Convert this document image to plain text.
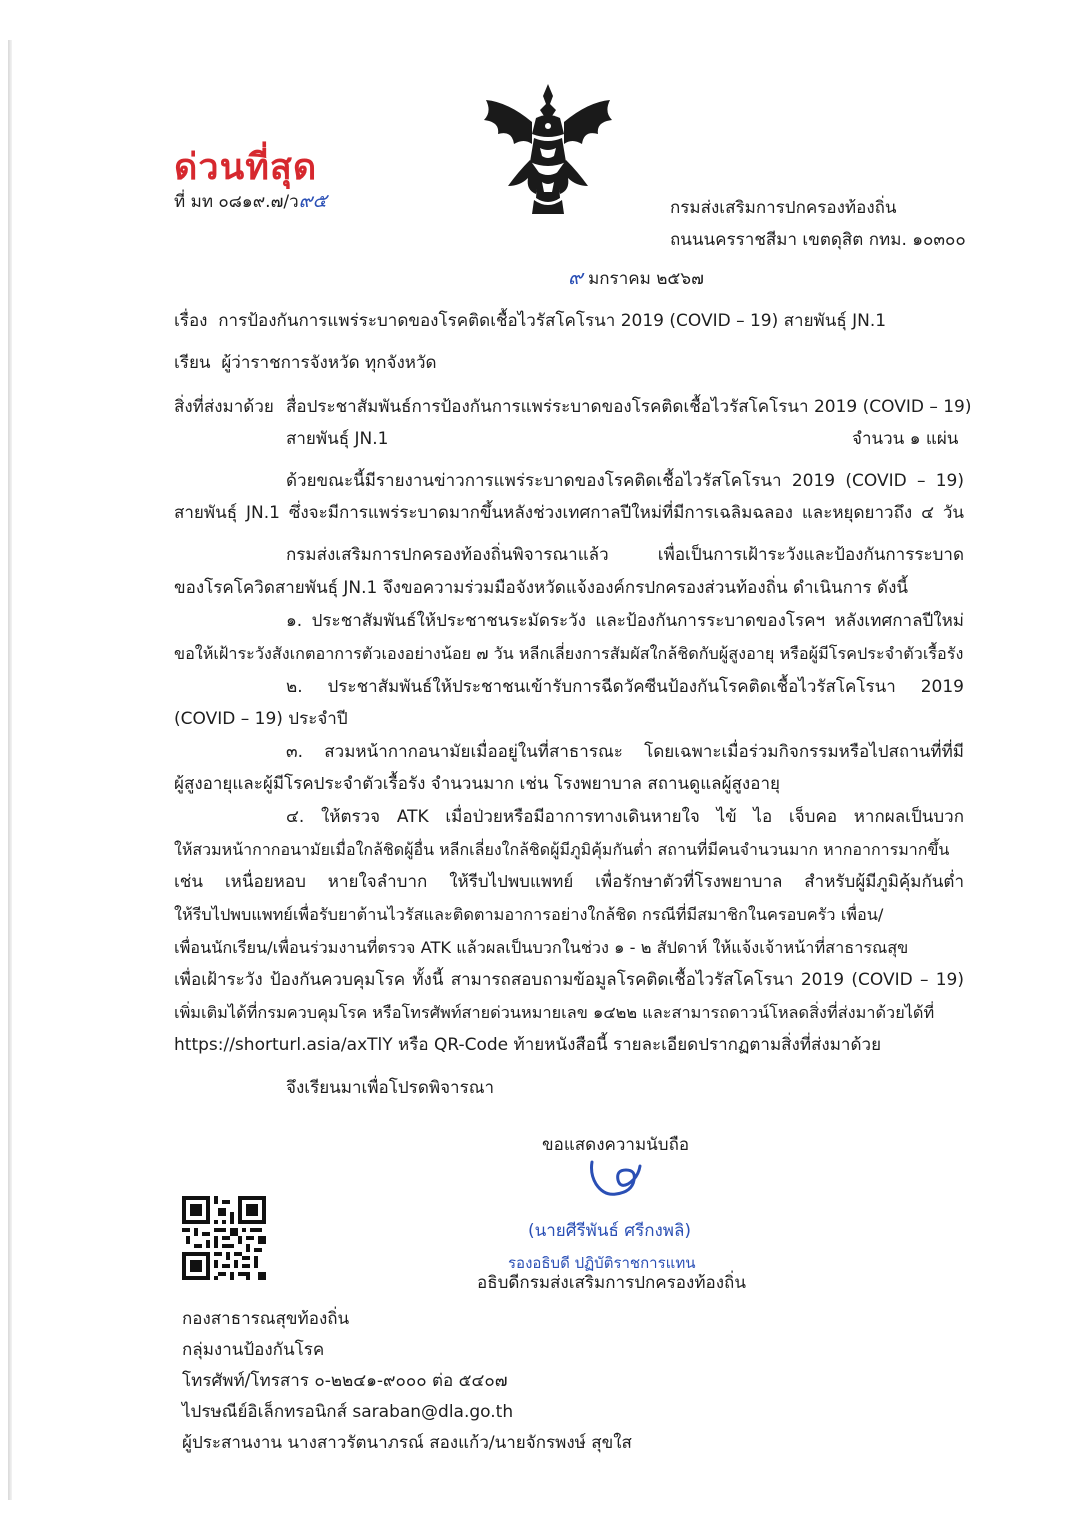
ด่วนที่สุด
ที่ มท ๐๘๑๙.๗/ว๙๕	กรมส่งเสริมการปกครองท้องถิ่น
ถนนนครราชสีมา เขตดุสิต กทม. ๑๐๓๐๐
๙ มกราคม ๒๕๖๗
เรื่อง การป้องกันการแพร่ระบาดของโรคติดเชื้อไวรัสโคโรนา 2019 (COVID – 19) สายพันธุ์ JN.1
เรียน ผู้ว่าราชการจังหวัด ทุกจังหวัด
สิ่งที่ส่งมาด้วย สื่อประชาสัมพันธ์การป้องกันการแพร่ระบาดของโรคติดเชื้อไวรัสโคโรนา 2019 (COVID – 19)
สายพันธุ์ JN.1	จำนวน ๑ แผ่น
ด้วยขณะนี้มีรายงานข่าวการแพร่ระบาดของโรคติดเชื้อไวรัสโคโรนา 2019 (COVID – 19)
สายพันธุ์ JN.1 ซึ่งจะมีการแพร่ระบาดมากขึ้นหลังช่วงเทศกาลปีใหม่ที่มีการเฉลิมฉลอง และหยุดยาวถึง ๔ วัน
กรมส่งเสริมการปกครองท้องถิ่นพิจารณาแล้ว เพื่อเป็นการเฝ้าระวังและป้องกันการระบาด
ของโรคโควิดสายพันธุ์ JN.1 จึงขอความร่วมมือจังหวัดแจ้งองค์กรปกครองส่วนท้องถิ่น ดำเนินการ ดังนี้
๑. ประชาสัมพันธ์ให้ประชาชนระมัดระวัง และป้องกันการระบาดของโรคฯ หลังเทศกาลปีใหม่
ขอให้เฝ้าระวังสังเกตอาการตัวเองอย่างน้อย ๗ วัน หลีกเลี่ยงการสัมผัสใกล้ชิดกับผู้สูงอายุ หรือผู้มีโรคประจำตัวเรื้อรัง
๒. ประชาสัมพันธ์ให้ประชาชนเข้ารับการฉีดวัคซีนป้องกันโรคติดเชื้อไวรัสโคโรนา 2019
(COVID – 19) ประจำปี
๓. สวมหน้ากากอนามัยเมื่ออยู่ในที่สาธารณะ โดยเฉพาะเมื่อร่วมกิจกรรมหรือไปสถานที่ที่มี
ผู้สูงอายุและผู้มีโรคประจำตัวเรื้อรัง จำนวนมาก เช่น โรงพยาบาล สถานดูแลผู้สูงอายุ
๔. ให้ตรวจ ATK เมื่อป่วยหรือมีอาการทางเดินหายใจ ไข้ ไอ เจ็บคอ หากผลเป็นบวก
ให้สวมหน้ากากอนามัยเมื่อใกล้ชิดผู้อื่น หลีกเลี่ยงใกล้ชิดผู้มีภูมิคุ้มกันต่ำ สถานที่มีคนจำนวนมาก หากอาการมากขึ้น
เช่น เหนื่อยหอบ หายใจลำบาก ให้รีบไปพบแพทย์ เพื่อรักษาตัวที่โรงพยาบาล สำหรับผู้มีภูมิคุ้มกันต่ำ
ให้รีบไปพบแพทย์เพื่อรับยาต้านไวรัสและติดตามอาการอย่างใกล้ชิด กรณีที่มีสมาชิกในครอบครัว เพื่อน/
เพื่อนนักเรียน/เพื่อนร่วมงานที่ตรวจ ATK แล้วผลเป็นบวกในช่วง ๑ - ๒ สัปดาห์ ให้แจ้งเจ้าหน้าที่สาธารณสุข
เพื่อเฝ้าระวัง ป้องกันควบคุมโรค ทั้งนี้ สามารถสอบถามข้อมูลโรคติดเชื้อไวรัสโคโรนา 2019 (COVID – 19)
เพิ่มเติมได้ที่กรมควบคุมโรค หรือโทรศัพท์สายด่วนหมายเลข ๑๔๒๒ และสามารถดาวน์โหลดสิ่งที่ส่งมาด้วยได้ที่
https://shorturl.asia/axTlY หรือ QR-Code ท้ายหนังสือนี้ รายละเอียดปรากฏตามสิ่งที่ส่งมาด้วย
จึงเรียนมาเพื่อโปรดพิจารณา
ขอแสดงความนับถือ
(นายศีรีพันธ์ ศรีกงพลิ)
รองอธิบดี ปฏิบัติราชการแทน
อธิบดีกรมส่งเสริมการปกครองท้องถิ่น
กองสาธารณสุขท้องถิ่น
กลุ่มงานป้องกันโรค
โทรศัพท์/โทรสาร ๐-๒๒๔๑-๙๐๐๐ ต่อ ๕๔๐๗
ไปรษณีย์อิเล็กทรอนิกส์ saraban@dla.go.th
ผู้ประสานงาน นางสาวรัตนาภรณ์ สองแก้ว/นายจักรพงษ์ สุขใส
